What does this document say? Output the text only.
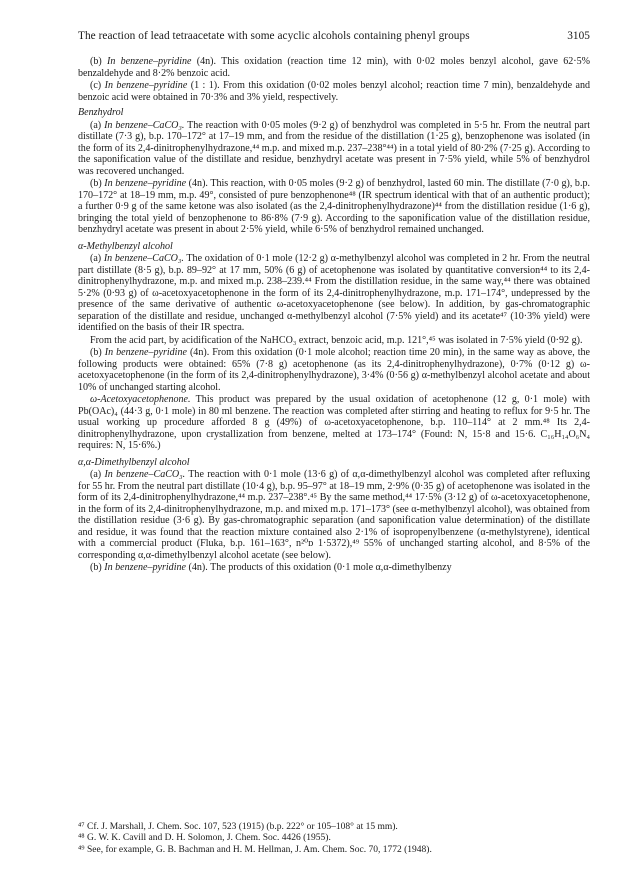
The reaction of lead tetraacetate with some acyclic alcohols containing phenyl groups	3105

(b) In benzene–pyridine (4n). This oxidation (reaction time 12 min), with 0·02 moles benzyl alcohol, gave 62·5% benzaldehyde and 8·2% benzoic acid.

(c) In benzene–pyridine (1 : 1). From this oxidation (0·02 moles benzyl alcohol; reaction time 7 min), benzaldehyde and benzoic acid were obtained in 70·3% and 3% yield, respectively.

Benzhydrol

(a) In benzene–CaCO₃. The reaction with 0·05 moles (9·2 g) of benzhydrol was completed in 5·5 hr. From the neutral part distillate (7·3 g), b.p. 170–172° at 17–19 mm, and from the residue of the distillation (1·25 g), benzophenone was isolated (in the form of its 2,4-dinitrophenylhydrazone,⁴⁴ m.p. and mixed m.p. 237–238°⁴⁴) in a total yield of 80·2% (7·25 g). According to the saponification value of the distillate and residue, benzhydryl acetate was present in 7·5% yield, while 5% of benzhydrol was recovered unchanged.

(b) In benzene–pyridine (4n). This reaction, with 0·05 moles (9·2 g) of benzhydrol, lasted 60 min. The distillate (7·0 g), b.p. 170–172° at 18–19 mm, m.p. 49°, consisted of pure benzophenone⁴⁸ (IR spectrum identical with that of an authentic product); a further 0·9 g of the same ketone was also isolated (as the 2,4-dinitrophenylhydrazone)⁴⁴ from the distillation residue (1·6 g), bringing the total yield of benzophenone to 86·8% (7·9 g). According to the saponification value of the distillation residue, benzhydryl acetate was present in about 2·5% yield, while 6·5% of benzhydrol remained unchanged.

α-Methylbenzyl alcohol

(a) In benzene–CaCO₃. The oxidation of 0·1 mole (12·2 g) α-methylbenzyl alcohol was completed in 2 hr. From the neutral part distillate (8·5 g), b.p. 89–92° at 17 mm, 50% (6 g) of acetophenone was isolated by quantitative conversion⁴⁴ to its 2,4-dinitrophenylhydrazone, m.p. and mixed m.p. 238–239.⁴⁴ From the distillation residue, in the same way,⁴⁴ there was obtained 5·2% (0·93 g) of ω-acetoxyacetophenone in the form of its 2,4-dinitrophenylhydrazone, m.p. 171–174°, undepressed by the presence of the same derivative of authentic ω-acetoxyacetophenone (see below). In addition, by gas-chromatographic separation of the distillate and residue, unchanged α-methylbenzyl alcohol (7·5% yield) and its acetate⁴⁷ (10·3% yield) were identified on the basis of their IR spectra.

From the acid part, by acidification of the NaHCO₃ extract, benzoic acid, m.p. 121°,⁴⁵ was isolated in 7·5% yield (0·92 g).

(b) In benzene–pyridine (4n). From this oxidation (0·1 mole alcohol; reaction time 20 min), in the same way as above, the following products were obtained: 65% (7·8 g) acetophenone (as its 2,4-dinitrophenylhydrazone), 0·7% (0·12 g) ω-acetoxyacetophenone (in the form of its 2,4-dinitrophenylhydrazone), 3·4% (0·56 g) α-methylbenzyl alcohol acetate and about 10% of unchanged starting alcohol.

ω-Acetoxyacetophenone. This product was prepared by the usual oxidation of acetophenone (12 g, 0·1 mole) with Pb(OAc)₄ (44·3 g, 0·1 mole) in 80 ml benzene. The reaction was completed after stirring and heating to reflux for 9·5 hr. The usual working up procedure afforded 8 g (49%) of ω-acetoxyacetophenone, b.p. 110–114° at 2 mm.⁴⁸ Its 2,4-dinitrophenylhydrazone, upon crystallization from benzene, melted at 173–174° (Found: N, 15·8 and 15·6. C₁₆H₁₄O₆N₄ requires: N, 15·6%.)

α,α-Dimethylbenzyl alcohol

(a) In benzene–CaCO₃. The reaction with 0·1 mole (13·6 g) of α,α-dimethylbenzyl alcohol was completed after refluxing for 55 hr. From the neutral part distillate (10·4 g), b.p. 95–97° at 18–19 mm, 2·9% (0·35 g) of acetophenone was isolated in the form of its 2,4-dinitrophenylhydrazone,⁴⁴ m.p. 237–238°.⁴⁵ By the same method,⁴⁴ 17·5% (3·12 g) of ω-acetoxyacetophenone, in the form of its 2,4-dinitrophenylhydrazone, m.p. and mixed m.p. 171–173° (see α-methylbenzyl alcohol), was obtained from the distillation residue (3·6 g). By gas-chromatographic separation (and saponification value determination) of the distillate and residue, it was found that the reaction mixture contained also 2·1% of isopropenylbenzene (α-methylstyrene), identical with a commercial product (Fluka, b.p. 161–163°, n²⁰ᴅ 1·5372),⁴⁹ 55% of unchanged starting alcohol, and 8·5% of the corresponding α,α-dimethylbenzyl alcohol acetate (see below).

(b) In benzene–pyridine (4n). The products of this oxidation (0·1 mole α,α-dimethylbenzy

⁴⁷ Cf. J. Marshall, J. Chem. Soc. 107, 523 (1915) (b.p. 222° or 105–108° at 15 mm).
⁴⁸ G. W. K. Cavill and D. H. Solomon, J. Chem. Soc. 4426 (1955).
⁴⁹ See, for example, G. B. Bachman and H. M. Hellman, J. Am. Chem. Soc. 70, 1772 (1948).
